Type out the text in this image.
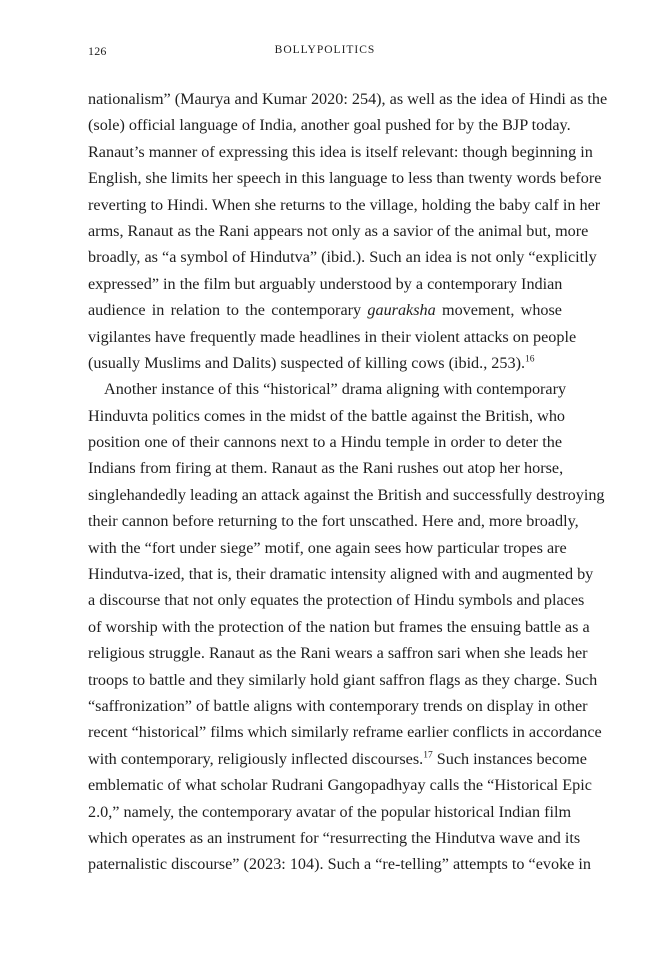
126	BOLLYPOLITICS
nationalism” (Maurya and Kumar 2020: 254), as well as the idea of Hindi as the
(sole) official language of India, another goal pushed for by the BJP today.
Ranaut’s manner of expressing this idea is itself relevant: though beginning in
English, she limits her speech in this language to less than twenty words before
reverting to Hindi. When she returns to the village, holding the baby calf in her
arms, Ranaut as the Rani appears not only as a savior of the animal but, more
broadly, as “a symbol of Hindutva” (ibid.). Such an idea is not only “explicitly
expressed” in the film but arguably understood by a contemporary Indian
audience in relation to the contemporary gauraksha movement, whose
vigilantes have frequently made headlines in their violent attacks on people
(usually Muslims and Dalits) suspected of killing cows (ibid., 253).$^{16}$
Another instance of this “historical” drama aligning with contemporary
Hinduvta politics comes in the midst of the battle against the British, who
position one of their cannons next to a Hindu temple in order to deter the
Indians from firing at them. Ranaut as the Rani rushes out atop her horse,
singlehandedly leading an attack against the British and successfully destroying
their cannon before returning to the fort unscathed. Here and, more broadly,
with the “fort under siege” motif, one again sees how particular tropes are
Hindutva-ized, that is, their dramatic intensity aligned with and augmented by
a discourse that not only equates the protection of Hindu symbols and places
of worship with the protection of the nation but frames the ensuing battle as a
religious struggle. Ranaut as the Rani wears a saffron sari when she leads her
troops to battle and they similarly hold giant saffron flags as they charge. Such
“saffronization” of battle aligns with contemporary trends on display in other
recent “historical” films which similarly reframe earlier conflicts in accordance
with contemporary, religiously inflected discourses.$^{17}$ Such instances become
emblematic of what scholar Rudrani Gangopadhyay calls the “Historical Epic
2.0,” namely, the contemporary avatar of the popular historical Indian film
which operates as an instrument for “resurrecting the Hindutva wave and its
paternalistic discourse” (2023: 104). Such a “re-telling” attempts to “evoke in
